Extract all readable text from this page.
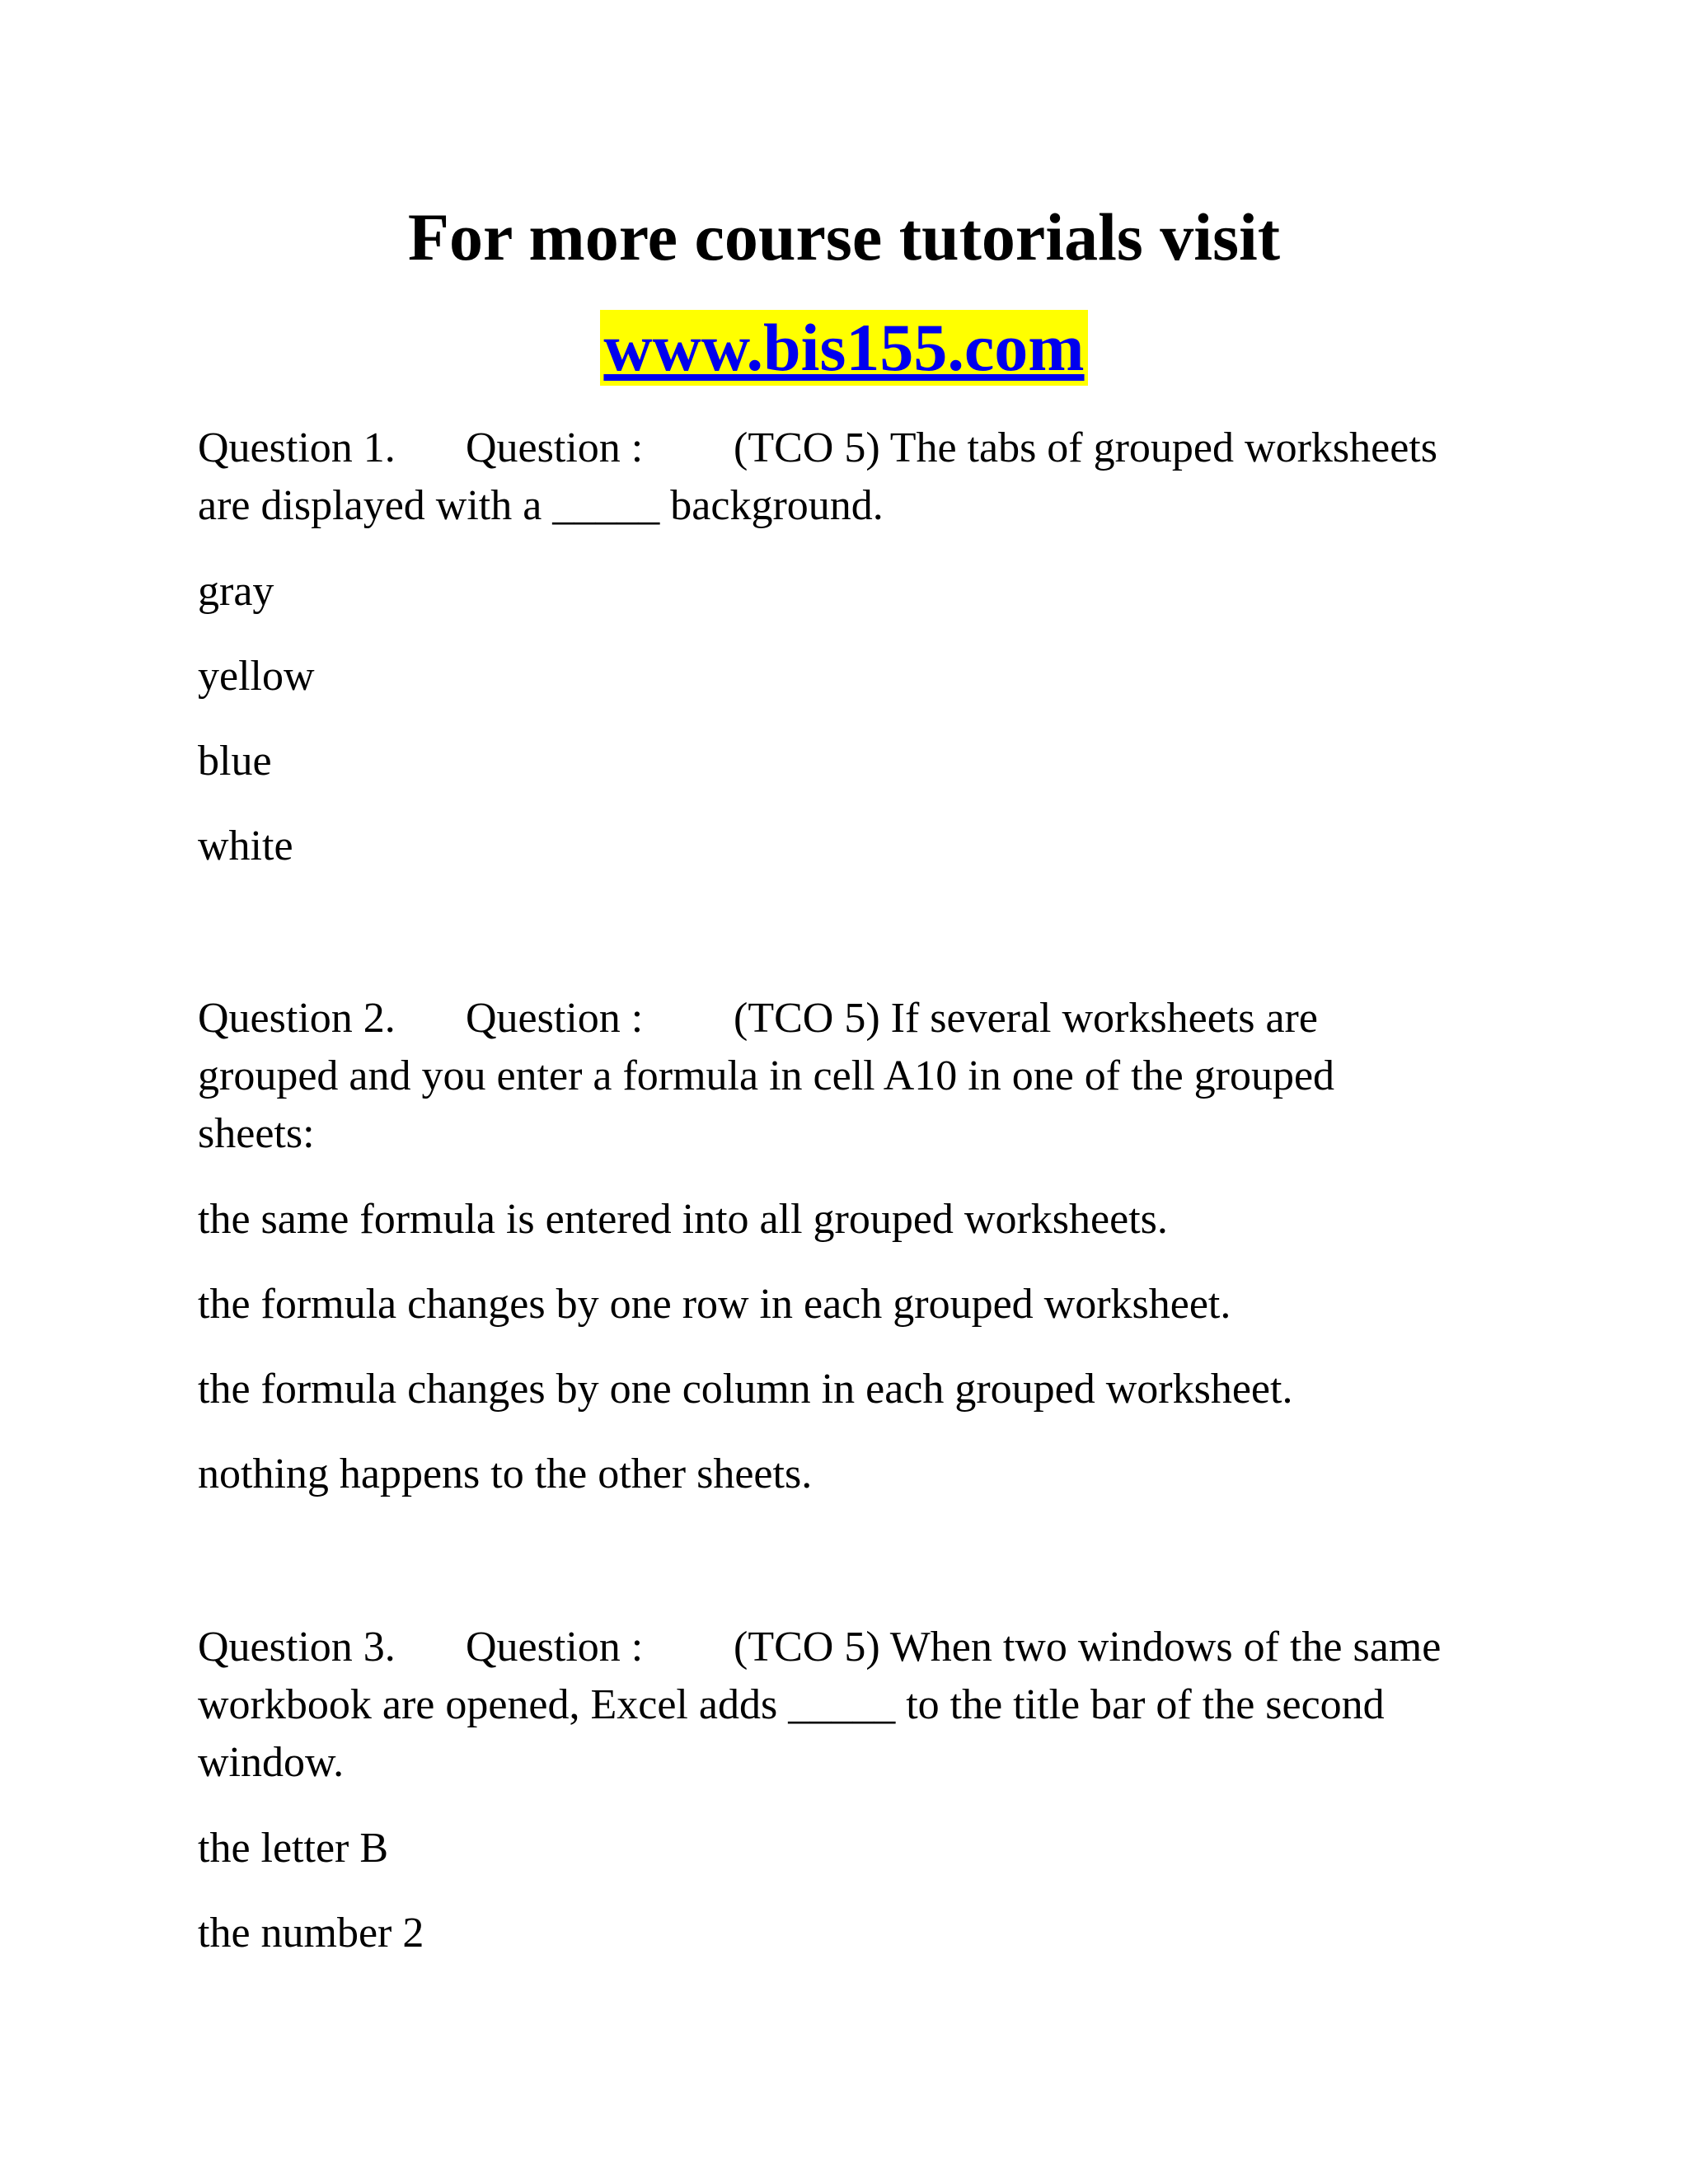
For more course tutorials visit
www.bis155.com
Question 1. Question : (TCO 5) The tabs of grouped worksheets
are displayed with a _____ background.
gray
yellow
blue
white
Question 2. Question : (TCO 5) If several worksheets are
grouped and you enter a formula in cell A10 in one of the grouped
sheets:
the same formula is entered into all grouped worksheets.
the formula changes by one row in each grouped worksheet.
the formula changes by one column in each grouped worksheet.
nothing happens to the other sheets.
Question 3. Question : (TCO 5) When two windows of the same
workbook are opened, Excel adds _____ to the title bar of the second
window.
the letter B
the number 2
